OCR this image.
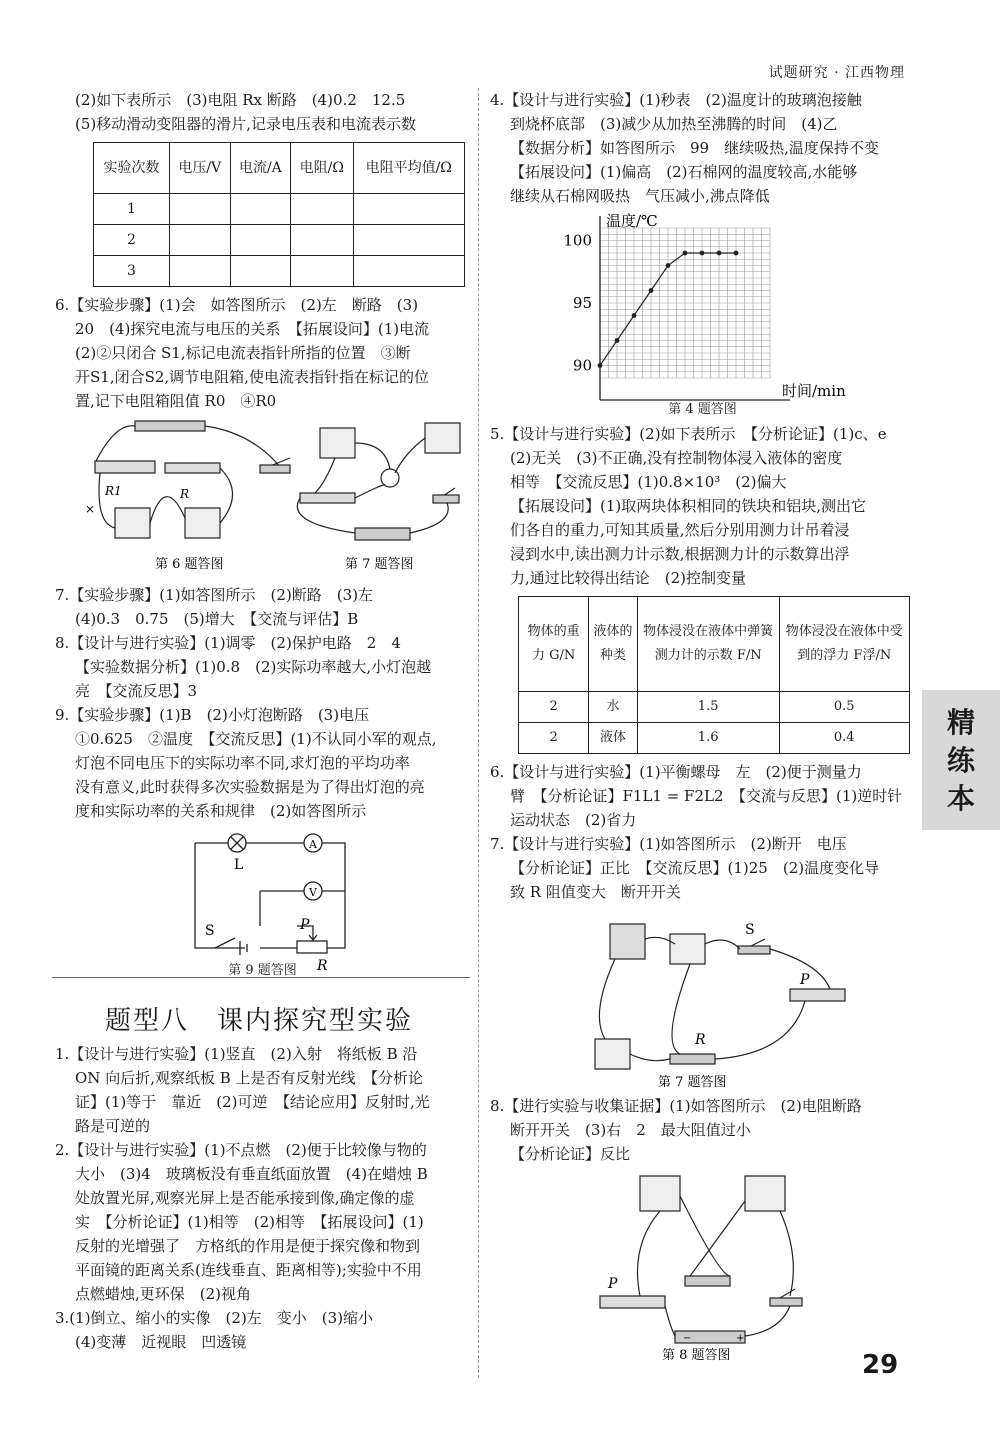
试题研究 · 江西物理
(2)如下表所示　(3)电阻 Rx 断路　(4)0.2　12.5
(5)移动滑动变阻器的滑片,记录电压表和电流表示数
实验次数	电压/V	电流/A	电阻/Ω	电阻平均值/Ω
1				
2				
3				
6.【实验步骤】(1)会　如答图所示　(2)左　断路　(3)
20　(4)探究电流与电压的关系　【拓展设问】(1)电流
(2)②只闭合 S1,标记电流表指针所指的位置　③断
开S1,闭合S2,调节电阻箱,使电流表指针指在标记的位
置,记下电阻箱阻值 R0　④R0
R1	R
×
第 6 题答图	第 7 题答图
7.【实验步骤】(1)如答图所示　(2)断路　(3)左
(4)0.3　0.75　(5)增大　【交流与评估】B
8.【设计与进行实验】(1)调零　(2)保护电路　2　4
【实验数据分析】(1)0.8　(2)实际功率越大,小灯泡越
亮　【交流反思】3
9.【实验步骤】(1)B　(2)小灯泡断路　(3)电压
①0.625　②温度　【交流反思】(1)不认同小军的观点,
灯泡不同电压下的实际功率不同,求灯泡的平均功率
没有意义,此时获得多次实验数据是为了得出灯泡的亮
度和实际功率的关系和规律　(2)如答图所示
L
A
V
S	P
R
第 9 题答图
题型八　课内探究型实验
1.【设计与进行实验】(1)竖直　(2)入射　将纸板 B 沿
ON 向后折,观察纸板 B 上是否有反射光线　【分析论
证】(1)等于　靠近　(2)可逆　【结论应用】反射时,光
路是可逆的
2.【设计与进行实验】(1)不点燃　(2)便于比较像与物的
大小　(3)4　玻璃板没有垂直纸面放置　(4)在蜡烛 B
处放置光屏,观察光屏上是否能承接到像,确定像的虚
实　【分析论证】(1)相等　(2)相等　【拓展设问】(1)
反射的光增强了　方格纸的作用是便于探究像和物到
平面镜的距离关系(连线垂直、距离相等);实验中不用
点燃蜡烛,更环保　(2)视角
3.(1)倒立、缩小的实像　(2)左　变小　(3)缩小
(4)变薄　近视眼　凹透镜
4.【设计与进行实验】(1)秒表　(2)温度计的玻璃泡接触
到烧杯底部　(3)减少从加热至沸腾的时间　(4)乙
【数据分析】如答图所示　99　继续吸热,温度保持不变
【拓展设问】(1)偏高　(2)石棉网的温度较高,水能够
继续从石棉网吸热　气压减小,沸点降低
90
95
100
温度/℃
时间/min
第 4 题答图
5.【设计与进行实验】(2)如下表所示　【分析论证】(1)c、e
(2)无关　(3)不正确,没有控制物体浸入液体的密度
相等　【交流反思】(1)0.8×10³　(2)偏大
【拓展设问】(1)取两块体积相同的铁块和铝块,测出它
们各自的重力,可知其质量,然后分别用测力计吊着浸
浸到水中,读出测力计示数,根据测力计的示数算出浮
力,通过比较得出结论　(2)控制变量
物体的重力 G/N	液体的种类	物体浸没在液体中弹簧测力计的示数 F/N	物体浸没在液体中受到的浮力 F浮/N
2	水	1.5	0.5
2	液体	1.6	0.4
6.【设计与进行实验】(1)平衡螺母　左　(2)便于测量力
臂　【分析论证】F1L1 = F2L2　【交流与反思】(1)逆时针
运动状态　(2)省力
7.【设计与进行实验】(1)如答图所示　(2)断开　电压
【分析论证】正比　【交流反思】(1)25　(2)温度变化导
致 R 阻值变大　断开开关
S
P
R
第 7 题答图
8.【进行实验与收集证据】(1)如答图所示　(2)电阻断路
断开开关　(3)右　2　最大阻值过小
【分析论证】反比
P
−	+
第 8 题答图
精
练
本
29
